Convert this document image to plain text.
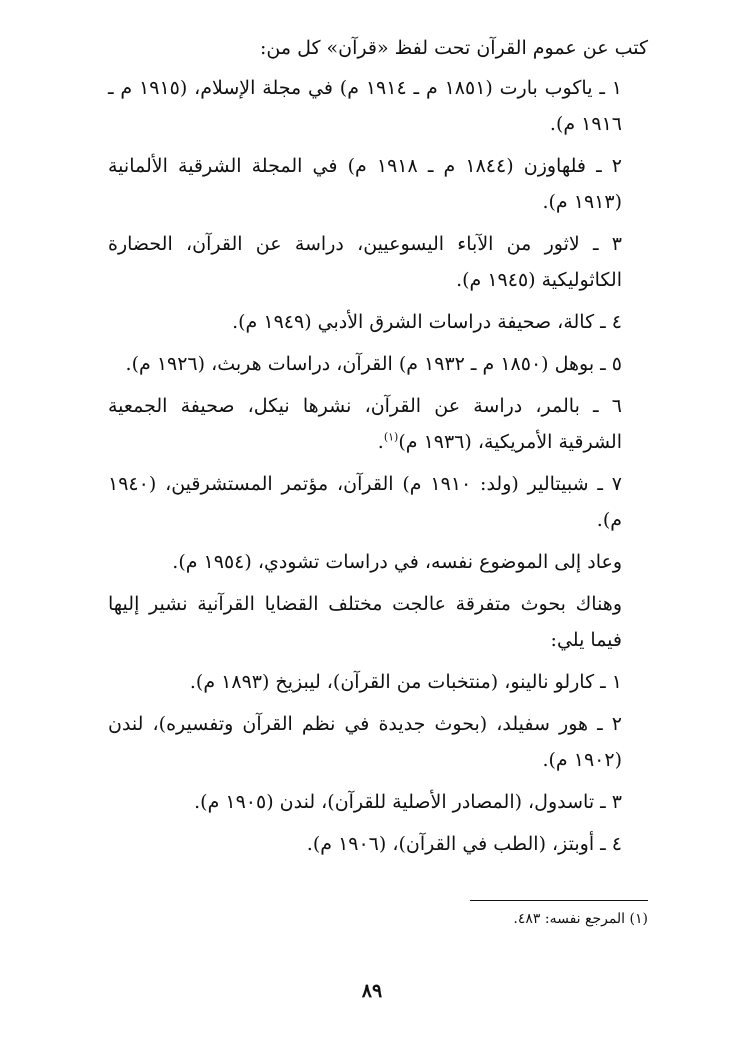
كتب عن عموم القرآن تحت لفظ «قرآن» كل من:

١ ـ ياكوب بارت (١٨٥١ م ـ ١٩١٤ م) في مجلة الإسلام، (١٩١٥ م ـ ١٩١٦ م).

٢ ـ فلهاوزن (١٨٤٤ م ـ ١٩١٨ م) في المجلة الشرقية الألمانية (١٩١٣ م).

٣ ـ لاثور من الآباء اليسوعيين، دراسة عن القرآن، الحضارة الكاثوليكية (١٩٤٥ م).

٤ ـ كالة، صحيفة دراسات الشرق الأدبي (١٩٤٩ م).

٥ ـ بوهل (١٨٥٠ م ـ ١٩٣٢ م) القرآن، دراسات هربث، (١٩٢٦ م).

٦ ـ بالمر، دراسة عن القرآن، نشرها نيكل، صحيفة الجمعية الشرقية الأمريكية، (١٩٣٦ م)$^{(١)}$.

٧ ـ شبيتالير (ولد: ١٩١٠ م) القرآن، مؤتمر المستشرقين، (١٩٤٠ م).

وعاد إلى الموضوع نفسه، في دراسات تشودي، (١٩٥٤ م).

وهناك بحوث متفرقة عالجت مختلف القضايا القرآنية نشير إليها فيما يلي:

١ ـ كارلو نالينو، (منتخبات من القرآن)، ليبزيخ (١٨٩٣ م).

٢ ـ هور سفيلد، (بحوث جديدة في نظم القرآن وتفسيره)، لندن (١٩٠٢ م).

٣ ـ تاسدول، (المصادر الأصلية للقرآن)، لندن (١٩٠٥ م).

٤ ـ أوبتز، (الطب في القرآن)، (١٩٠٦ م).

(١) المرجع نفسه: ٤٨٣.
٨٩
